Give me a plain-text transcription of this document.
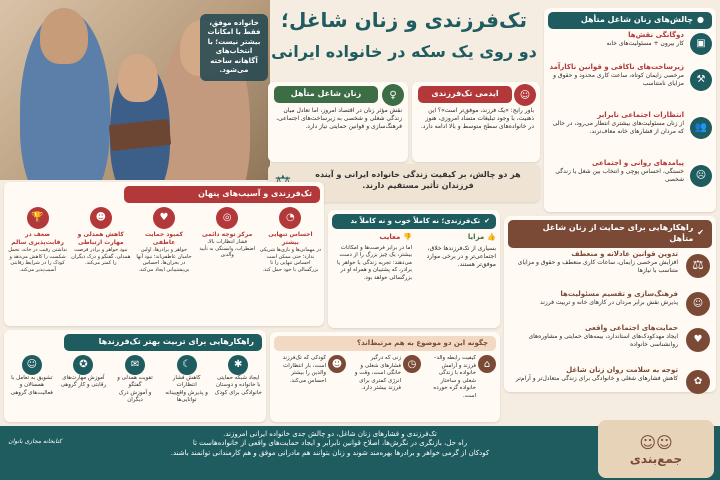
خانواده موفق، فقط با امکانات بیشتر نیست؛ با انتخاب‌های آگاهانه ساخته می‌شود.
تک‌فرزندی و زنان شاغل؛
دو روی یک سکه در خانواده ایرانی
زنان شاغل متأهل	♀
نقش مؤثر زنان در اقتصاد امروز، اما تعادل میان زندگی شغلی و شخصی به زیرساخت‌های اجتماعی، فرهنگ‌سازی و قوانین حمایتی نیاز دارد.
ایدمی تک‌فرزندی	☺
باور رایج: «یک فرزند، موفق‌تر است»؟ این ذهنیت، با وجود تبلیغات متضاد امروزی، هنوز در خانواده‌های سطح متوسط و بالا ادامه دارد.
هر دو چالش، بر کیفیت زندگی خانواده ایرانی و آینده فرزندان تأثیر مستقیم دارند.
●
چالش‌های زنان شاغل متأهل
▣
دوگانگی نقش‌ها
کار بیرون + مسئولیت‌های خانه
⚒
زیرساخت‌های ناکافی و قوانین ناکارآمد
مرخصی زایمان کوتاه، ساعت کاری محدود و حقوق و مزایای نامتناسب
👥
انتظارات اجتماعی نابرابر
از زنان مسئولیت‌های بیشتری انتظار می‌رود، در حالی که مردان از فشارهای خانه معاف‌ترند.
☹
پیامدهای روانی و اجتماعی
خستگی، احساس پوچی و انتخاب بین شغل یا زندگی شخصی
✔
راهکارهایی برای حمایت از زنان شاغل متأهل
⚖
تدوین قوانین عادلانه و منعطف
افزایش مرخصی زایمان، ساعات کاری منعطف و حقوق و مزایای متناسب با نیازها
☺
فرهنگ‌سازی و تقسیم مسئولیت‌ها
پذیرش نقش برابر مردان در کارهای خانه و تربیت فرزند
♥
حمایت‌های اجتماعی واقعی
ایجاد مهدکودک‌های استاندارد، بیمه‌های حمایتی و مشاوره‌های روانشناسی خانواده
✿
توجه به سلامت روان زنان شاغل
کاهش فشارهای شغلی و خانوادگی برای زندگی متعادل‌تر و آرام‌تر
تک‌فرزندی و آسیب‌های پنهان
◔
احساس تنهایی بیشتر
در مهمانی‌ها و بازی‌ها شریکی ندارد؛ حتی ممکن است احساس تنهایی را تا بزرگسالی با خود حمل کند.
◎
مرکز توجه دائمی
فشار انتظارات بالا، اضطراب، وابستگی به تأیید والدین
♥
کمبود حمایت عاطفی
خواهر و برادرها، اولین حامیان عاطفی‌اند؛ نبود آنها در بحران‌ها، احساس بی‌پشتیبانی ایجاد می‌کند.
☻
کاهش همدلی و مهارت ارتباطی
نبود خواهر و برادر فرصت همدلی، گفتگو و درک دیگران را کمتر می‌کند.
🏆
ضعف در رقابت‌پذیری سالم
نداشتن رقیب در خانه، تحمل شکست را کاهش می‌دهد و کودک را در شرایط رقابتی آسیب‌پذیر می‌کند.
✔
تک‌فرزندی؛ نه کاملاً خوب و نه کاملاً بد
👍
مزایا
بسیاری از تک‌فرزندها خلاق، اجتماعی‌تر و در برخی موارد موفق‌تر هستند.
👎
معایب
اما در برابر فرصت‌ها و امکانات بیشتر، یک چیز بزرگ را از دست می‌دهند: تجربه زندگی با خواهر یا برادر، که پشتیبان و همراه او در بزرگسالی خواهد بود.
راهکارهایی برای تربیت بهتر تک‌فرزندها
✱
ایجاد شبکه حمایتی
با خانواده و دوستان خانوادگی برای کودک
☾
کاهش فشار انتظارات
و پذیرش واقع‌بینانه توانایی‌ها
✉
تقویت همدلی و گفتگو
و آموزش درک دیگران
✪
آموزش مهارت‌های
رقابتی و کار گروهی
☺
تشویق به تعامل با
همسالان و فعالیت‌های گروهی
چگونه این دو موضوع به هم مرتبط‌اند؟
⌂
کیفیت رابطه والد–فرزند و آرامش خانواده با زندگی شغلی و ساختار خانواده گره خورده است.
◷
زنی که درگیر فشارهای شغلی و خانگی است، وقت و انرژی کمتری برای فرزند بیشتر دارد.
☻
کودکی که تک‌فرزند است، بار انتظارات والدین را بیشتر احساس می‌کند.
☺☺
جمع‌بندی
تک‌فرزندی و فشارهای زنان شاغل، دو چالش جدی خانواده ایرانی امروزند.
راه حل، بازنگری در نگرش‌ها، اصلاح قوانین نابرابر و ایجاد حمایت‌های واقعی از خانواده‌هاست تا
کودکان از گرمی خواهر و برادرها بهره‌مند شوند و زنان بتوانند هم مادرانی موفق و هم کارمندانی توانمند باشند.
کتابخانه مجازی بانوان
